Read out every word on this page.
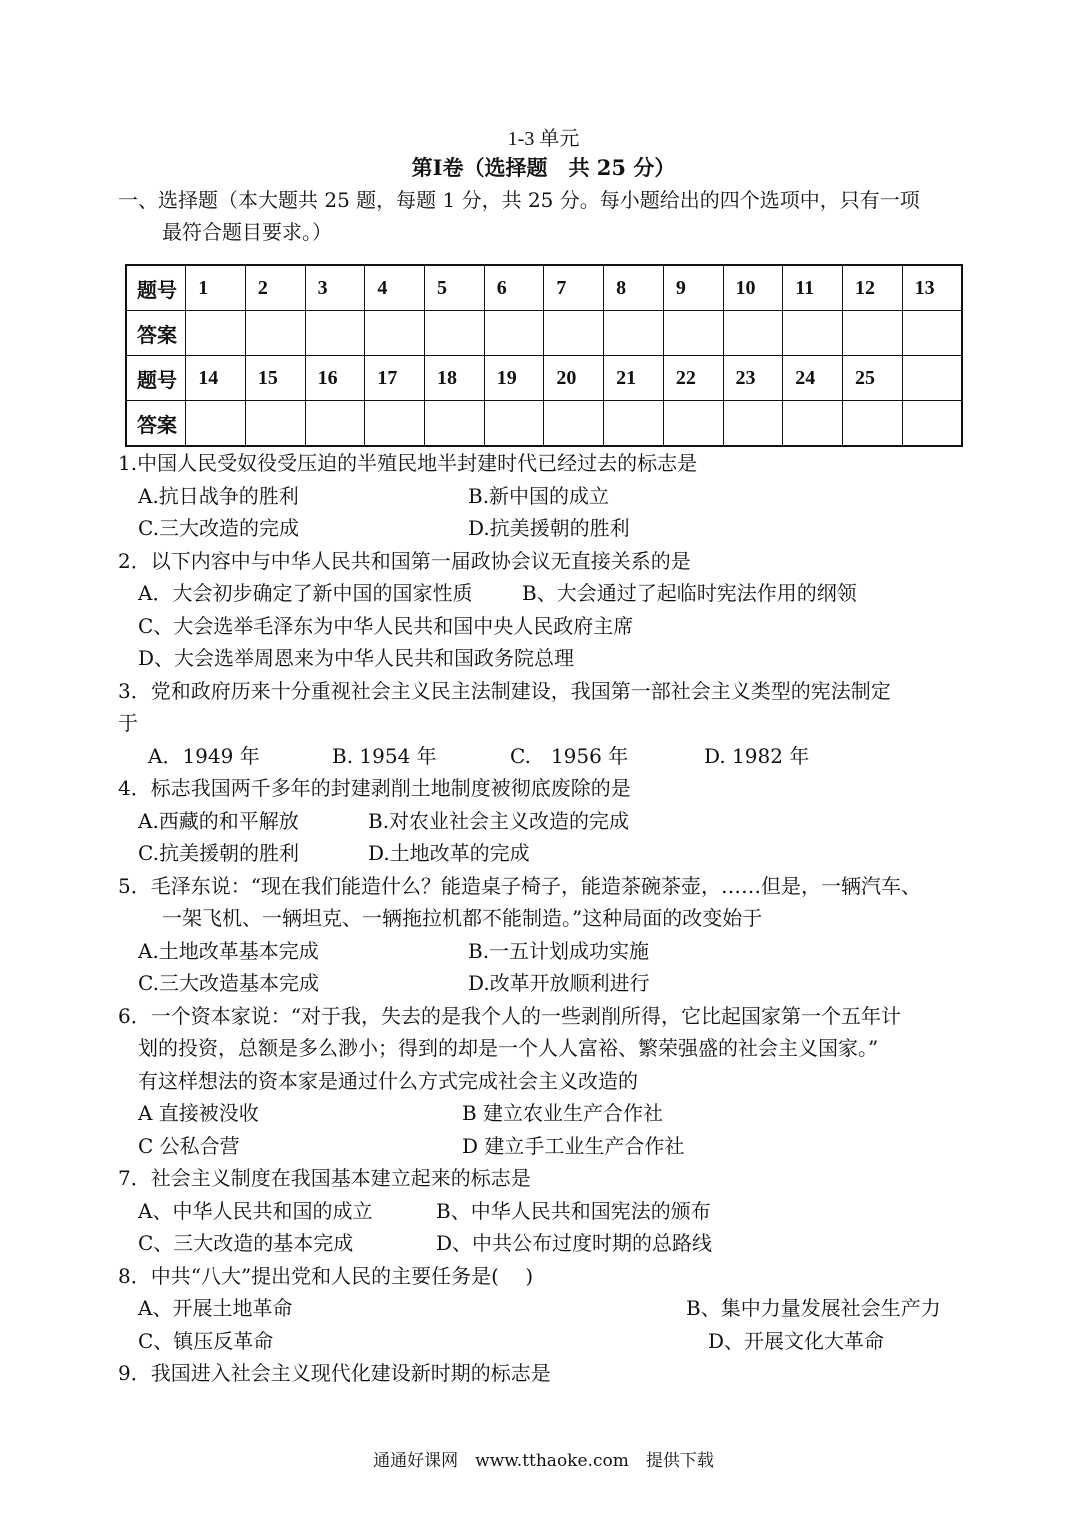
1-3 单元
第Ⅰ卷（选择题　共 25 分）
一、选择题（本大题共 25 题，每题 1 分，共 25 分。每小题给出的四个选项中，只有一项
最符合题目要求。）
题号	1	2	3	4	5	6	7	8	9	10	11	12	13
答案													
题号	14	15	16	17	18	19	20	21	22	23	24	25	
答案													
1.中国人民受奴役受压迫的半殖民地半封建时代已经过去的标志是
A.抗日战争的胜利	B.新中国的成立
C.三大改造的完成	D.抗美援朝的胜利
2．以下内容中与中华人民共和国第一届政协会议无直接关系的是
A．大会初步确定了新中国的国家性质 B、大会通过了起临时宪法作用的纲领
C、大会选举毛泽东为中华人民共和国中央人民政府主席
D、大会选举周恩来为中华人民共和国政务院总理
3．党和政府历来十分重视社会主义民主法制建设，我国第一部社会主义类型的宪法制定
于
A．1949 年	B. 1954 年	C.　1956 年	D. 1982 年
4．标志我国两千多年的封建剥削土地制度被彻底废除的是
A.西藏的和平解放	B.对农业社会主义改造的完成
C.抗美援朝的胜利	D.土地改革的完成
5．毛泽东说：“现在我们能造什么？能造桌子椅子，能造茶碗茶壶，……但是，一辆汽车、
一架飞机、一辆坦克、一辆拖拉机都不能制造。”这种局面的改变始于
A.土地改革基本完成	B.一五计划成功实施
C.三大改造基本完成	D.改革开放顺利进行
6．一个资本家说：“对于我，失去的是我个人的一些剥削所得，它比起国家第一个五年计
划的投资，总额是多么渺小；得到的却是一个人人富裕、繁荣强盛的社会主义国家。”
有这样想法的资本家是通过什么方式完成社会主义改造的
A 直接被没收	B 建立农业生产合作社
C 公私合营	D 建立手工业生产合作社
7．社会主义制度在我国基本建立起来的标志是
A、中华人民共和国的成立	B、中华人民共和国宪法的颁布
C、三大改造的基本完成	D、中共公布过度时期的总路线
8．中共“八大”提出党和人民的主要任务是(　 )
A、开展土地革命	B、集中力量发展社会生产力
C、镇压反革命	D、开展文化大革命
9．我国进入社会主义现代化建设新时期的标志是
通通好课网　www.tthaoke.com　提供下载
